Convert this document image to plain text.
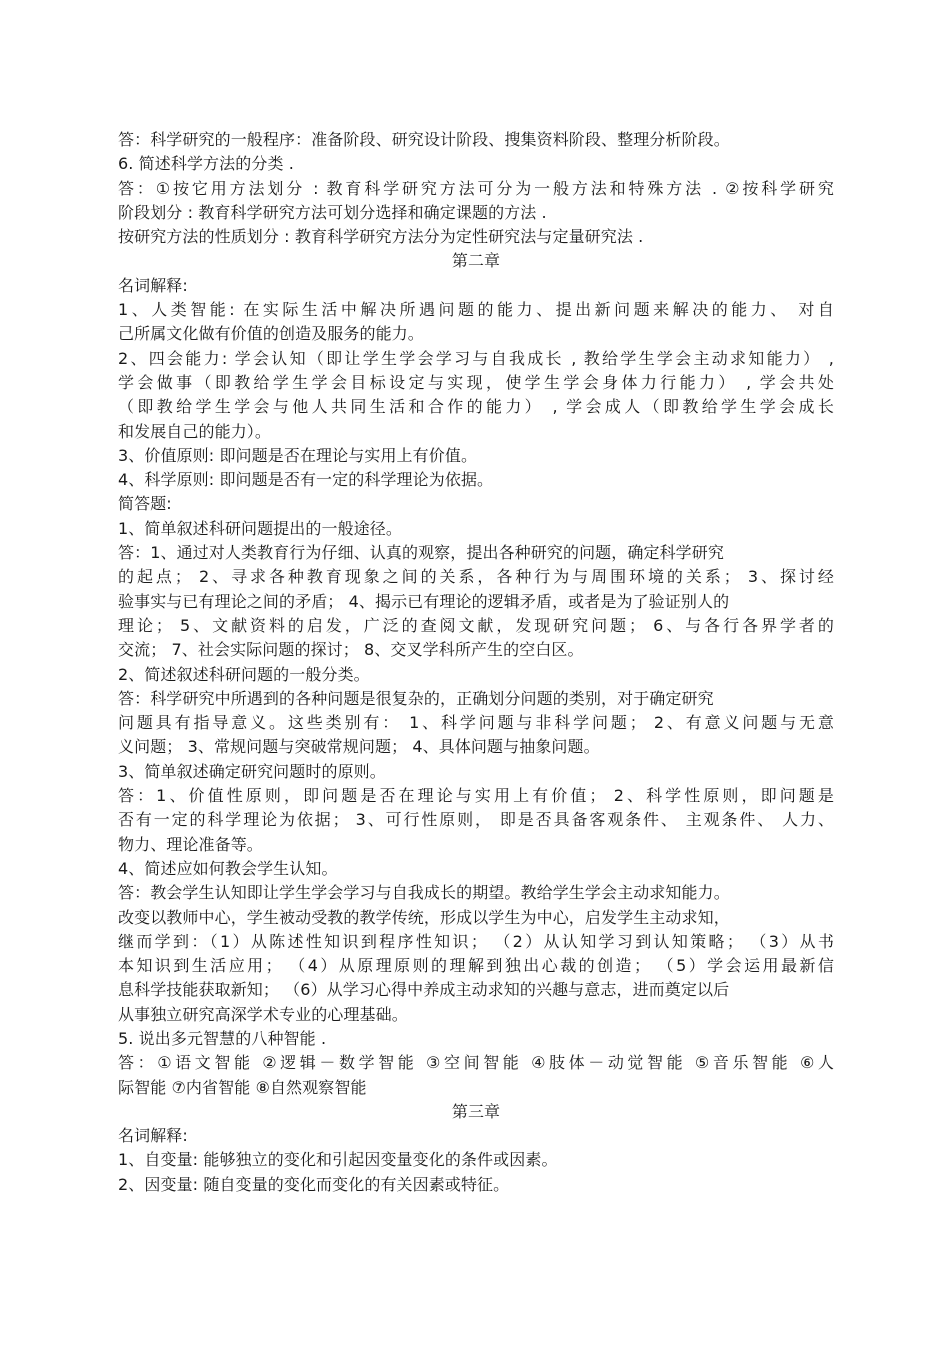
答：科学研究的一般程序：准备阶段、研究设计阶段、搜集资料阶段、整理分析阶段。
6. 简述科学方法的分类 .
答：①按它用方法划分 : 教育科学研究方法可分为一般方法和特殊方法 . ②按科学研究
阶段划分 : 教育科学研究方法可划分选择和确定课题的方法 .
按研究方法的性质划分 : 教育科学研究方法分为定性研究法与定量研究法 .
第二章
名词解释:
1、人类智能: 在实际生活中解决所遇问题的能力、提出新问题来解决的能力、 对自
己所属文化做有价值的创造及服务的能力。
2、四会能力: 学会认知（即让学生学会学习与自我成长 , 教给学生学会主动求知能力） ,
学会做事（即教给学生学会目标设定与实现，使学生学会身体力行能力） , 学会共处
（即教给学生学会与他人共同生活和合作的能力） , 学会成人（即教给学生学会成长
和发展自己的能力）。
3、价值原则: 即问题是否在理论与实用上有价值。
4、科学原则: 即问题是否有一定的科学理论为依据。
简答题:
1、简单叙述科研问题提出的一般途径。
答：1、通过对人类教育行为仔细、认真的观察，提出各种研究的问题，确定科学研究
的起点； 2、寻求各种教育现象之间的关系，各种行为与周围环境的关系； 3、探讨经
验事实与已有理论之间的矛盾； 4、揭示已有理论的逻辑矛盾，或者是为了验证别人的
理论； 5、文献资料的启发，广泛的查阅文献，发现研究问题； 6、与各行各界学者的
交流； 7、社会实际问题的探讨； 8、交叉学科所产生的空白区。
2、简述叙述科研问题的一般分类。
答：科学研究中所遇到的各种问题是很复杂的，正确划分问题的类别，对于确定研究
问题具有指导意义。这些类别有： 1、科学问题与非科学问题； 2、有意义问题与无意
义问题； 3、常规问题与突破常规问题； 4、具体问题与抽象问题。
3、简单叙述确定研究问题时的原则。
答：1、价值性原则，即问题是否在理论与实用上有价值； 2、科学性原则，即问题是
否有一定的科学理论为依据； 3、可行性原则， 即是否具备客观条件、 主观条件、 人力、
物力、理论准备等。
4、简述应如何教会学生认知。
答：教会学生认知即让学生学会学习与自我成长的期望。教给学生学会主动求知能力。
改变以教师中心，学生被动受教的教学传统，形成以学生为中心，启发学生主动求知，
继而学到：（1）从陈述性知识到程序性知识； （2）从认知学习到认知策略； （3）从书
本知识到生活应用； （4）从原理原则的理解到独出心裁的创造； （5）学会运用最新信
息科学技能获取新知； （6）从学习心得中养成主动求知的兴趣与意志，进而奠定以后
从事独立研究高深学术专业的心理基础。
5. 说出多元智慧的八种智能 .
答：①语文智能 ②逻辑－数学智能 ③空间智能 ④肢体－动觉智能 ⑤音乐智能 ⑥人
际智能 ⑦内省智能 ⑧自然观察智能
第三章
名词解释:
1、自变量: 能够独立的变化和引起因变量变化的条件或因素。
2、因变量: 随自变量的变化而变化的有关因素或特征。
